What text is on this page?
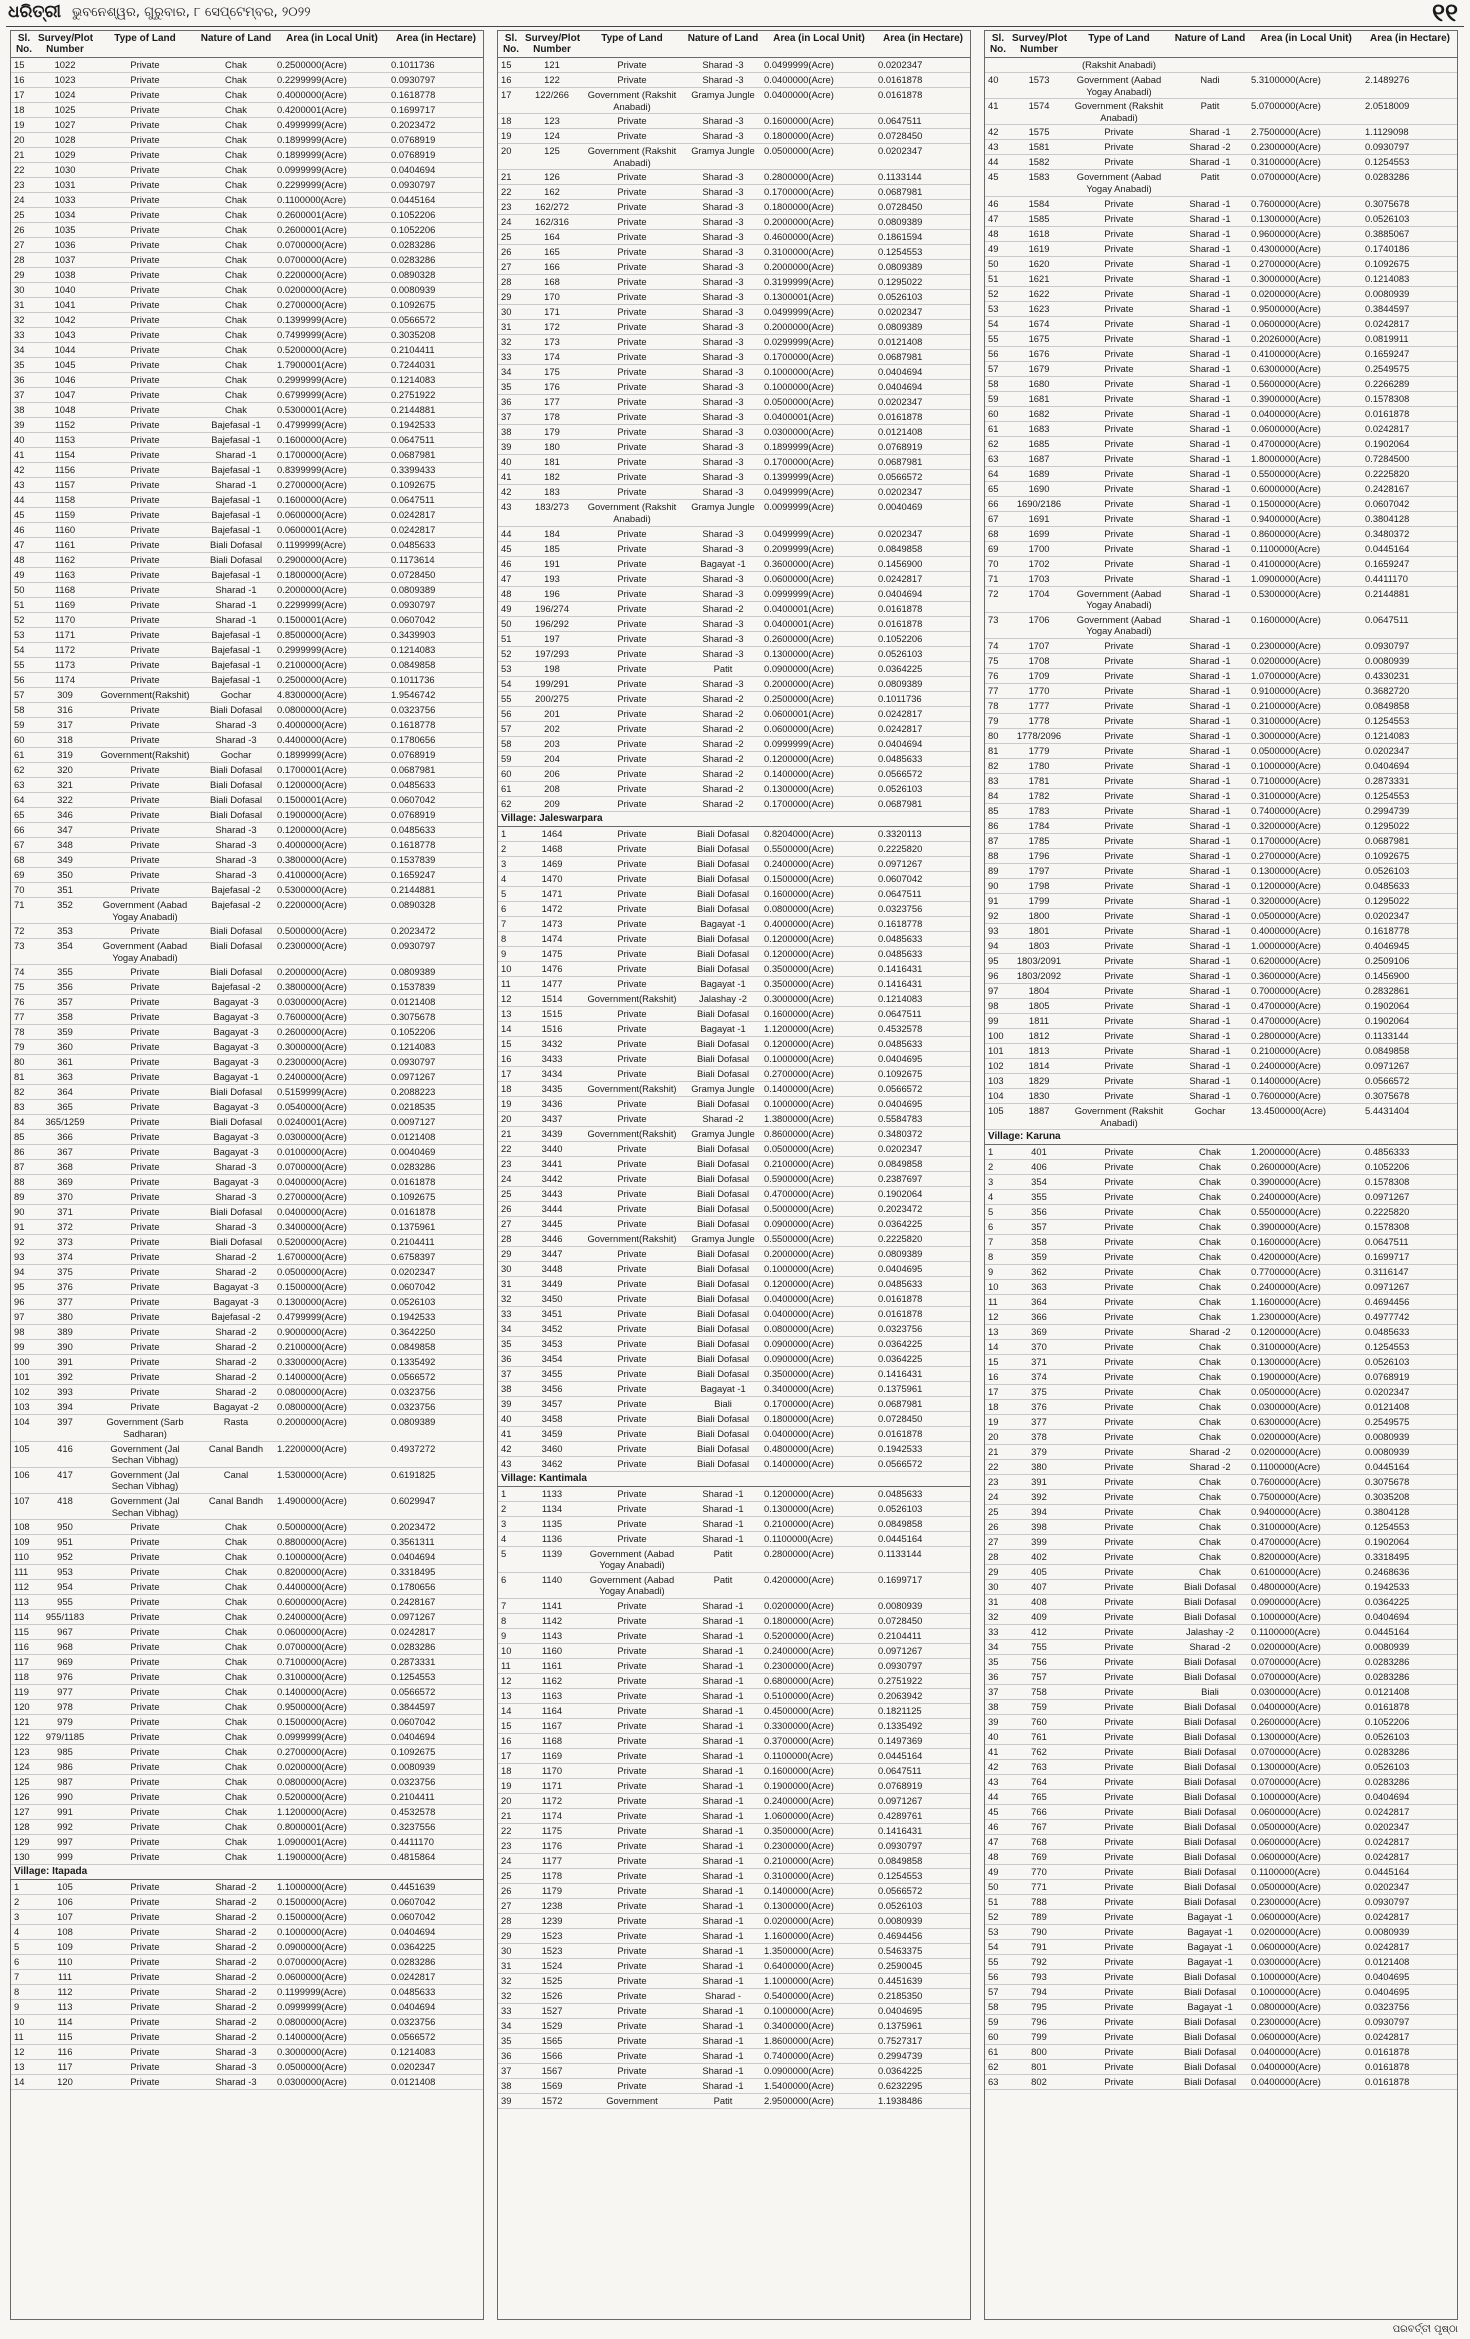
ଧରିତ୍ରୀ ଭୁବନେଶ୍ୱର, ଗୁରୁବାର, ୮ ସେପ୍ଟେମ୍ବର, ୨୦୨୨	୧୧
Sl. No.	Survey/Plot Number	Type of Land	Nature of Land	Area (in Local Unit)	Area (in Hectare)
15	1022	Private	Chak	0.2500000(Acre)	0.1011736
16	1023	Private	Chak	0.2299999(Acre)	0.0930797
17	1024	Private	Chak	0.4000000(Acre)	0.1618778
18	1025	Private	Chak	0.4200001(Acre)	0.1699717
19	1027	Private	Chak	0.4999999(Acre)	0.2023472
20	1028	Private	Chak	0.1899999(Acre)	0.0768919
21	1029	Private	Chak	0.1899999(Acre)	0.0768919
22	1030	Private	Chak	0.0999999(Acre)	0.0404694
23	1031	Private	Chak	0.2299999(Acre)	0.0930797
24	1033	Private	Chak	0.1100000(Acre)	0.0445164
25	1034	Private	Chak	0.2600001(Acre)	0.1052206
26	1035	Private	Chak	0.2600001(Acre)	0.1052206
27	1036	Private	Chak	0.0700000(Acre)	0.0283286
28	1037	Private	Chak	0.0700000(Acre)	0.0283286
29	1038	Private	Chak	0.2200000(Acre)	0.0890328
30	1040	Private	Chak	0.0200000(Acre)	0.0080939
31	1041	Private	Chak	0.2700000(Acre)	0.1092675
32	1042	Private	Chak	0.1399999(Acre)	0.0566572
33	1043	Private	Chak	0.7499999(Acre)	0.3035208
34	1044	Private	Chak	0.5200000(Acre)	0.2104411
35	1045	Private	Chak	1.7900001(Acre)	0.7244031
36	1046	Private	Chak	0.2999999(Acre)	0.1214083
37	1047	Private	Chak	0.6799999(Acre)	0.2751922
38	1048	Private	Chak	0.5300001(Acre)	0.2144881
39	1152	Private	Bajefasal -1	0.4799999(Acre)	0.1942533
40	1153	Private	Bajefasal -1	0.1600000(Acre)	0.0647511
41	1154	Private	Sharad -1	0.1700000(Acre)	0.0687981
42	1156	Private	Bajefasal -1	0.8399999(Acre)	0.3399433
43	1157	Private	Sharad -1	0.2700000(Acre)	0.1092675
44	1158	Private	Bajefasal -1	0.1600000(Acre)	0.0647511
45	1159	Private	Bajefasal -1	0.0600000(Acre)	0.0242817
46	1160	Private	Bajefasal -1	0.0600001(Acre)	0.0242817
47	1161	Private	Biali Dofasal	0.1199999(Acre)	0.0485633
48	1162	Private	Biali Dofasal	0.2900000(Acre)	0.1173614
49	1163	Private	Bajefasal -1	0.1800000(Acre)	0.0728450
50	1168	Private	Sharad -1	0.2000000(Acre)	0.0809389
51	1169	Private	Sharad -1	0.2299999(Acre)	0.0930797
52	1170	Private	Sharad -1	0.1500001(Acre)	0.0607042
53	1171	Private	Bajefasal -1	0.8500000(Acre)	0.3439903
54	1172	Private	Bajefasal -1	0.2999999(Acre)	0.1214083
55	1173	Private	Bajefasal -1	0.2100000(Acre)	0.0849858
56	1174	Private	Bajefasal -1	0.2500000(Acre)	0.1011736
57	309	Government(Rakshit)	Gochar	4.8300000(Acre)	1.9546742
58	316	Private	Biali Dofasal	0.0800000(Acre)	0.0323756
59	317	Private	Sharad -3	0.4000000(Acre)	0.1618778
60	318	Private	Sharad -3	0.4400000(Acre)	0.1780656
61	319	Government(Rakshit)	Gochar	0.1899999(Acre)	0.0768919
62	320	Private	Biali Dofasal	0.1700001(Acre)	0.0687981
63	321	Private	Biali Dofasal	0.1200000(Acre)	0.0485633
64	322	Private	Biali Dofasal	0.1500001(Acre)	0.0607042
65	346	Private	Biali Dofasal	0.1900000(Acre)	0.0768919
66	347	Private	Sharad -3	0.1200000(Acre)	0.0485633
67	348	Private	Sharad -3	0.4000000(Acre)	0.1618778
68	349	Private	Sharad -3	0.3800000(Acre)	0.1537839
69	350	Private	Sharad -3	0.4100000(Acre)	0.1659247
70	351	Private	Bajefasal -2	0.5300000(Acre)	0.2144881
71	352	Government (Aabad Yogay Anabadi)	Bajefasal -2	0.2200000(Acre)	0.0890328
72	353	Private	Biali Dofasal	0.5000000(Acre)	0.2023472
73	354	Government (Aabad Yogay Anabadi)	Biali Dofasal	0.2300000(Acre)	0.0930797
74	355	Private	Biali Dofasal	0.2000000(Acre)	0.0809389
75	356	Private	Bajefasal -2	0.3800000(Acre)	0.1537839
76	357	Private	Bagayat -3	0.0300000(Acre)	0.0121408
77	358	Private	Bagayat -3	0.7600000(Acre)	0.3075678
78	359	Private	Bagayat -3	0.2600000(Acre)	0.1052206
79	360	Private	Bagayat -3	0.3000000(Acre)	0.1214083
80	361	Private	Bagayat -3	0.2300000(Acre)	0.0930797
81	363	Private	Bagayat -1	0.2400000(Acre)	0.0971267
82	364	Private	Biali Dofasal	0.5159999(Acre)	0.2088223
83	365	Private	Bagayat -3	0.0540000(Acre)	0.0218535
84	365/1259	Private	Biali Dofasal	0.0240001(Acre)	0.0097127
85	366	Private	Bagayat -3	0.0300000(Acre)	0.0121408
86	367	Private	Bagayat -3	0.0100000(Acre)	0.0040469
87	368	Private	Sharad -3	0.0700000(Acre)	0.0283286
88	369	Private	Bagayat -3	0.0400000(Acre)	0.0161878
89	370	Private	Sharad -3	0.2700000(Acre)	0.1092675
90	371	Private	Biali Dofasal	0.0400000(Acre)	0.0161878
91	372	Private	Sharad -3	0.3400000(Acre)	0.1375961
92	373	Private	Biali Dofasal	0.5200000(Acre)	0.2104411
93	374	Private	Sharad -2	1.6700000(Acre)	0.6758397
94	375	Private	Sharad -2	0.0500000(Acre)	0.0202347
95	376	Private	Bagayat -3	0.1500000(Acre)	0.0607042
96	377	Private	Bagayat -3	0.1300000(Acre)	0.0526103
97	380	Private	Bajefasal -2	0.4799999(Acre)	0.1942533
98	389	Private	Sharad -2	0.9000000(Acre)	0.3642250
99	390	Private	Sharad -2	0.2100000(Acre)	0.0849858
100	391	Private	Sharad -2	0.3300000(Acre)	0.1335492
101	392	Private	Sharad -2	0.1400000(Acre)	0.0566572
102	393	Private	Sharad -2	0.0800000(Acre)	0.0323756
103	394	Private	Bagayat -2	0.0800000(Acre)	0.0323756
104	397	Government (Sarb Sadharan)	Rasta	0.2000000(Acre)	0.0809389
105	416	Government (Jal Sechan Vibhag)	Canal Bandh	1.2200000(Acre)	0.4937272
106	417	Government (Jal Sechan Vibhag)	Canal	1.5300000(Acre)	0.6191825
107	418	Government (Jal Sechan Vibhag)	Canal Bandh	1.4900000(Acre)	0.6029947
108	950	Private	Chak	0.5000000(Acre)	0.2023472
109	951	Private	Chak	0.8800000(Acre)	0.3561311
110	952	Private	Chak	0.1000000(Acre)	0.0404694
111	953	Private	Chak	0.8200000(Acre)	0.3318495
112	954	Private	Chak	0.4400000(Acre)	0.1780656
113	955	Private	Chak	0.6000000(Acre)	0.2428167
114	955/1183	Private	Chak	0.2400000(Acre)	0.0971267
115	967	Private	Chak	0.0600000(Acre)	0.0242817
116	968	Private	Chak	0.0700000(Acre)	0.0283286
117	969	Private	Chak	0.7100000(Acre)	0.2873331
118	976	Private	Chak	0.3100000(Acre)	0.1254553
119	977	Private	Chak	0.1400000(Acre)	0.0566572
120	978	Private	Chak	0.9500000(Acre)	0.3844597
121	979	Private	Chak	0.1500000(Acre)	0.0607042
122	979/1185	Private	Chak	0.0999999(Acre)	0.0404694
123	985	Private	Chak	0.2700000(Acre)	0.1092675
124	986	Private	Chak	0.0200000(Acre)	0.0080939
125	987	Private	Chak	0.0800000(Acre)	0.0323756
126	990	Private	Chak	0.5200000(Acre)	0.2104411
127	991	Private	Chak	1.1200000(Acre)	0.4532578
128	992	Private	Chak	0.8000001(Acre)	0.3237556
129	997	Private	Chak	1.0900001(Acre)	0.4411170
130	999	Private	Chak	1.1900000(Acre)	0.4815864
Village: Itapada					
1	105	Private	Sharad -2	1.1000000(Acre)	0.4451639
2	106	Private	Sharad -2	0.1500000(Acre)	0.0607042
3	107	Private	Sharad -2	0.1500000(Acre)	0.0607042
4	108	Private	Sharad -2	0.1000000(Acre)	0.0404694
5	109	Private	Sharad -2	0.0900000(Acre)	0.0364225
6	110	Private	Sharad -2	0.0700000(Acre)	0.0283286
7	111	Private	Sharad -2	0.0600000(Acre)	0.0242817
8	112	Private	Sharad -2	0.1199999(Acre)	0.0485633
9	113	Private	Sharad -2	0.0999999(Acre)	0.0404694
10	114	Private	Sharad -2	0.0800000(Acre)	0.0323756
11	115	Private	Sharad -2	0.1400000(Acre)	0.0566572
12	116	Private	Sharad -3	0.3000000(Acre)	0.1214083
13	117	Private	Sharad -3	0.0500000(Acre)	0.0202347
14	120	Private	Sharad -3	0.0300000(Acre)	0.0121408
Sl. No.	Survey/Plot Number	Type of Land	Nature of Land	Area (in Local Unit)	Area (in Hectare)
15	121	Private	Sharad -3	0.0499999(Acre)	0.0202347
16	122	Private	Sharad -3	0.0400000(Acre)	0.0161878
17	122/266	Government (Rakshit Anabadi)	Gramya Jungle	0.0400000(Acre)	0.0161878
18	123	Private	Sharad -3	0.1600000(Acre)	0.0647511
19	124	Private	Sharad -3	0.1800000(Acre)	0.0728450
20	125	Government (Rakshit Anabadi)	Gramya Jungle	0.0500000(Acre)	0.0202347
21	126	Private	Sharad -3	0.2800000(Acre)	0.1133144
22	162	Private	Sharad -3	0.1700000(Acre)	0.0687981
23	162/272	Private	Sharad -3	0.1800000(Acre)	0.0728450
24	162/316	Private	Sharad -3	0.2000000(Acre)	0.0809389
25	164	Private	Sharad -3	0.4600000(Acre)	0.1861594
26	165	Private	Sharad -3	0.3100000(Acre)	0.1254553
27	166	Private	Sharad -3	0.2000000(Acre)	0.0809389
28	168	Private	Sharad -3	0.3199999(Acre)	0.1295022
29	170	Private	Sharad -3	0.1300001(Acre)	0.0526103
30	171	Private	Sharad -3	0.0499999(Acre)	0.0202347
31	172	Private	Sharad -3	0.2000000(Acre)	0.0809389
32	173	Private	Sharad -3	0.0299999(Acre)	0.0121408
33	174	Private	Sharad -3	0.1700000(Acre)	0.0687981
34	175	Private	Sharad -3	0.1000000(Acre)	0.0404694
35	176	Private	Sharad -3	0.1000000(Acre)	0.0404694
36	177	Private	Sharad -3	0.0500000(Acre)	0.0202347
37	178	Private	Sharad -3	0.0400001(Acre)	0.0161878
38	179	Private	Sharad -3	0.0300000(Acre)	0.0121408
39	180	Private	Sharad -3	0.1899999(Acre)	0.0768919
40	181	Private	Sharad -3	0.1700000(Acre)	0.0687981
41	182	Private	Sharad -3	0.1399999(Acre)	0.0566572
42	183	Private	Sharad -3	0.0499999(Acre)	0.0202347
43	183/273	Government (Rakshit Anabadi)	Gramya Jungle	0.0099999(Acre)	0.0040469
44	184	Private	Sharad -3	0.0499999(Acre)	0.0202347
45	185	Private	Sharad -3	0.2099999(Acre)	0.0849858
46	191	Private	Bagayat -1	0.3600000(Acre)	0.1456900
47	193	Private	Sharad -3	0.0600000(Acre)	0.0242817
48	196	Private	Sharad -3	0.0999999(Acre)	0.0404694
49	196/274	Private	Sharad -2	0.0400001(Acre)	0.0161878
50	196/292	Private	Sharad -3	0.0400001(Acre)	0.0161878
51	197	Private	Sharad -3	0.2600000(Acre)	0.1052206
52	197/293	Private	Sharad -3	0.1300000(Acre)	0.0526103
53	198	Private	Patit	0.0900000(Acre)	0.0364225
54	199/291	Private	Sharad -3	0.2000000(Acre)	0.0809389
55	200/275	Private	Sharad -2	0.2500000(Acre)	0.1011736
56	201	Private	Sharad -2	0.0600001(Acre)	0.0242817
57	202	Private	Sharad -2	0.0600000(Acre)	0.0242817
58	203	Private	Sharad -2	0.0999999(Acre)	0.0404694
59	204	Private	Sharad -2	0.1200000(Acre)	0.0485633
60	206	Private	Sharad -2	0.1400000(Acre)	0.0566572
61	208	Private	Sharad -2	0.1300000(Acre)	0.0526103
62	209	Private	Sharad -2	0.1700000(Acre)	0.0687981
Village: Jaleswarpara					
1	1464	Private	Biali Dofasal	0.8204000(Acre)	0.3320113
2	1468	Private	Biali Dofasal	0.5500000(Acre)	0.2225820
3	1469	Private	Biali Dofasal	0.2400000(Acre)	0.0971267
4	1470	Private	Biali Dofasal	0.1500000(Acre)	0.0607042
5	1471	Private	Biali Dofasal	0.1600000(Acre)	0.0647511
6	1472	Private	Biali Dofasal	0.0800000(Acre)	0.0323756
7	1473	Private	Bagayat -1	0.4000000(Acre)	0.1618778
8	1474	Private	Biali Dofasal	0.1200000(Acre)	0.0485633
9	1475	Private	Biali Dofasal	0.1200000(Acre)	0.0485633
10	1476	Private	Biali Dofasal	0.3500000(Acre)	0.1416431
11	1477	Private	Bagayat -1	0.3500000(Acre)	0.1416431
12	1514	Government(Rakshit)	Jalashay -2	0.3000000(Acre)	0.1214083
13	1515	Private	Biali Dofasal	0.1600000(Acre)	0.0647511
14	1516	Private	Bagayat -1	1.1200000(Acre)	0.4532578
15	3432	Private	Biali Dofasal	0.1200000(Acre)	0.0485633
16	3433	Private	Biali Dofasal	0.1000000(Acre)	0.0404695
17	3434	Private	Biali Dofasal	0.2700000(Acre)	0.1092675
18	3435	Government(Rakshit)	Gramya Jungle	0.1400000(Acre)	0.0566572
19	3436	Private	Biali Dofasal	0.1000000(Acre)	0.0404695
20	3437	Private	Sharad -2	1.3800000(Acre)	0.5584783
21	3439	Government(Rakshit)	Gramya Jungle	0.8600000(Acre)	0.3480372
22	3440	Private	Biali Dofasal	0.0500000(Acre)	0.0202347
23	3441	Private	Biali Dofasal	0.2100000(Acre)	0.0849858
24	3442	Private	Biali Dofasal	0.5900000(Acre)	0.2387697
25	3443	Private	Biali Dofasal	0.4700000(Acre)	0.1902064
26	3444	Private	Biali Dofasal	0.5000000(Acre)	0.2023472
27	3445	Private	Biali Dofasal	0.0900000(Acre)	0.0364225
28	3446	Government(Rakshit)	Gramya Jungle	0.5500000(Acre)	0.2225820
29	3447	Private	Biali Dofasal	0.2000000(Acre)	0.0809389
30	3448	Private	Biali Dofasal	0.1000000(Acre)	0.0404695
31	3449	Private	Biali Dofasal	0.1200000(Acre)	0.0485633
32	3450	Private	Biali Dofasal	0.0400000(Acre)	0.0161878
33	3451	Private	Biali Dofasal	0.0400000(Acre)	0.0161878
34	3452	Private	Biali Dofasal	0.0800000(Acre)	0.0323756
35	3453	Private	Biali Dofasal	0.0900000(Acre)	0.0364225
36	3454	Private	Biali Dofasal	0.0900000(Acre)	0.0364225
37	3455	Private	Biali Dofasal	0.3500000(Acre)	0.1416431
38	3456	Private	Bagayat -1	0.3400000(Acre)	0.1375961
39	3457	Private	Biali	0.1700000(Acre)	0.0687981
40	3458	Private	Biali Dofasal	0.1800000(Acre)	0.0728450
41	3459	Private	Biali Dofasal	0.0400000(Acre)	0.0161878
42	3460	Private	Biali Dofasal	0.4800000(Acre)	0.1942533
43	3462	Private	Biali Dofasal	0.1400000(Acre)	0.0566572
Village: Kantimala					
1	1133	Private	Sharad -1	0.1200000(Acre)	0.0485633
2	1134	Private	Sharad -1	0.1300000(Acre)	0.0526103
3	1135	Private	Sharad -1	0.2100000(Acre)	0.0849858
4	1136	Private	Sharad -1	0.1100000(Acre)	0.0445164
5	1139	Government (Aabad Yogay Anabadi)	Patit	0.2800000(Acre)	0.1133144
6	1140	Government (Aabad Yogay Anabadi)	Patit	0.4200000(Acre)	0.1699717
7	1141	Private	Sharad -1	0.0200000(Acre)	0.0080939
8	1142	Private	Sharad -1	0.1800000(Acre)	0.0728450
9	1143	Private	Sharad -1	0.5200000(Acre)	0.2104411
10	1160	Private	Sharad -1	0.2400000(Acre)	0.0971267
11	1161	Private	Sharad -1	0.2300000(Acre)	0.0930797
12	1162	Private	Sharad -1	0.6800000(Acre)	0.2751922
13	1163	Private	Sharad -1	0.5100000(Acre)	0.2063942
14	1164	Private	Sharad -1	0.4500000(Acre)	0.1821125
15	1167	Private	Sharad -1	0.3300000(Acre)	0.1335492
16	1168	Private	Sharad -1	0.3700000(Acre)	0.1497369
17	1169	Private	Sharad -1	0.1100000(Acre)	0.0445164
18	1170	Private	Sharad -1	0.1600000(Acre)	0.0647511
19	1171	Private	Sharad -1	0.1900000(Acre)	0.0768919
20	1172	Private	Sharad -1	0.2400000(Acre)	0.0971267
21	1174	Private	Sharad -1	1.0600000(Acre)	0.4289761
22	1175	Private	Sharad -1	0.3500000(Acre)	0.1416431
23	1176	Private	Sharad -1	0.2300000(Acre)	0.0930797
24	1177	Private	Sharad -1	0.2100000(Acre)	0.0849858
25	1178	Private	Sharad -1	0.3100000(Acre)	0.1254553
26	1179	Private	Sharad -1	0.1400000(Acre)	0.0566572
27	1238	Private	Sharad -1	0.1300000(Acre)	0.0526103
28	1239	Private	Sharad -1	0.0200000(Acre)	0.0080939
29	1523	Private	Sharad -1	1.1600000(Acre)	0.4694456
30	1523	Private	Sharad -1	1.3500000(Acre)	0.5463375
31	1524	Private	Sharad -1	0.6400000(Acre)	0.2590045
32	1525	Private	Sharad -1	1.1000000(Acre)	0.4451639
32	1526	Private	Sharad -	0.5400000(Acre)	0.2185350
33	1527	Private	Sharad -1	0.1000000(Acre)	0.0404695
34	1529	Private	Sharad -1	0.3400000(Acre)	0.1375961
35	1565	Private	Sharad -1	1.8600000(Acre)	0.7527317
36	1566	Private	Sharad -1	0.7400000(Acre)	0.2994739
37	1567	Private	Sharad -1	0.0900000(Acre)	0.0364225
38	1569	Private	Sharad -1	1.5400000(Acre)	0.6232295
39	1572	Government	Patit	2.9500000(Acre)	1.1938486
Sl. No.	Survey/Plot Number	Type of Land	Nature of Land	Area (in Local Unit)	Area (in Hectare)
		(Rakshit Anabadi)			
40	1573	Government (Aabad Yogay Anabadi)	Nadi	5.3100000(Acre)	2.1489276
41	1574	Government (Rakshit Anabadi)	Patit	5.0700000(Acre)	2.0518009
42	1575	Private	Sharad -1	2.7500000(Acre)	1.1129098
43	1581	Private	Sharad -2	0.2300000(Acre)	0.0930797
44	1582	Private	Sharad -1	0.3100000(Acre)	0.1254553
45	1583	Government (Aabad Yogay Anabadi)	Patit	0.0700000(Acre)	0.0283286
46	1584	Private	Sharad -1	0.7600000(Acre)	0.3075678
47	1585	Private	Sharad -1	0.1300000(Acre)	0.0526103
48	1618	Private	Sharad -1	0.9600000(Acre)	0.3885067
49	1619	Private	Sharad -1	0.4300000(Acre)	0.1740186
50	1620	Private	Sharad -1	0.2700000(Acre)	0.1092675
51	1621	Private	Sharad -1	0.3000000(Acre)	0.1214083
52	1622	Private	Sharad -1	0.0200000(Acre)	0.0080939
53	1623	Private	Sharad -1	0.9500000(Acre)	0.3844597
54	1674	Private	Sharad -1	0.0600000(Acre)	0.0242817
55	1675	Private	Sharad -1	0.2026000(Acre)	0.0819911
56	1676	Private	Sharad -1	0.4100000(Acre)	0.1659247
57	1679	Private	Sharad -1	0.6300000(Acre)	0.2549575
58	1680	Private	Sharad -1	0.5600000(Acre)	0.2266289
59	1681	Private	Sharad -1	0.3900000(Acre)	0.1578308
60	1682	Private	Sharad -1	0.0400000(Acre)	0.0161878
61	1683	Private	Sharad -1	0.0600000(Acre)	0.0242817
62	1685	Private	Sharad -1	0.4700000(Acre)	0.1902064
63	1687	Private	Sharad -1	1.8000000(Acre)	0.7284500
64	1689	Private	Sharad -1	0.5500000(Acre)	0.2225820
65	1690	Private	Sharad -1	0.6000000(Acre)	0.2428167
66	1690/2186	Private	Sharad -1	0.1500000(Acre)	0.0607042
67	1691	Private	Sharad -1	0.9400000(Acre)	0.3804128
68	1699	Private	Sharad -1	0.8600000(Acre)	0.3480372
69	1700	Private	Sharad -1	0.1100000(Acre)	0.0445164
70	1702	Private	Sharad -1	0.4100000(Acre)	0.1659247
71	1703	Private	Sharad -1	1.0900000(Acre)	0.4411170
72	1704	Government (Aabad Yogay Anabadi)	Sharad -1	0.5300000(Acre)	0.2144881
73	1706	Government (Aabad Yogay Anabadi)	Sharad -1	0.1600000(Acre)	0.0647511
74	1707	Private	Sharad -1	0.2300000(Acre)	0.0930797
75	1708	Private	Sharad -1	0.0200000(Acre)	0.0080939
76	1709	Private	Sharad -1	1.0700000(Acre)	0.4330231
77	1770	Private	Sharad -1	0.9100000(Acre)	0.3682720
78	1777	Private	Sharad -1	0.2100000(Acre)	0.0849858
79	1778	Private	Sharad -1	0.3100000(Acre)	0.1254553
80	1778/2096	Private	Sharad -1	0.3000000(Acre)	0.1214083
81	1779	Private	Sharad -1	0.0500000(Acre)	0.0202347
82	1780	Private	Sharad -1	0.1000000(Acre)	0.0404694
83	1781	Private	Sharad -1	0.7100000(Acre)	0.2873331
84	1782	Private	Sharad -1	0.3100000(Acre)	0.1254553
85	1783	Private	Sharad -1	0.7400000(Acre)	0.2994739
86	1784	Private	Sharad -1	0.3200000(Acre)	0.1295022
87	1785	Private	Sharad -1	0.1700000(Acre)	0.0687981
88	1796	Private	Sharad -1	0.2700000(Acre)	0.1092675
89	1797	Private	Sharad -1	0.1300000(Acre)	0.0526103
90	1798	Private	Sharad -1	0.1200000(Acre)	0.0485633
91	1799	Private	Sharad -1	0.3200000(Acre)	0.1295022
92	1800	Private	Sharad -1	0.0500000(Acre)	0.0202347
93	1801	Private	Sharad -1	0.4000000(Acre)	0.1618778
94	1803	Private	Sharad -1	1.0000000(Acre)	0.4046945
95	1803/2091	Private	Sharad -1	0.6200000(Acre)	0.2509106
96	1803/2092	Private	Sharad -1	0.3600000(Acre)	0.1456900
97	1804	Private	Sharad -1	0.7000000(Acre)	0.2832861
98	1805	Private	Sharad -1	0.4700000(Acre)	0.1902064
99	1811	Private	Sharad -1	0.4700000(Acre)	0.1902064
100	1812	Private	Sharad -1	0.2800000(Acre)	0.1133144
101	1813	Private	Sharad -1	0.2100000(Acre)	0.0849858
102	1814	Private	Sharad -1	0.2400000(Acre)	0.0971267
103	1829	Private	Sharad -1	0.1400000(Acre)	0.0566572
104	1830	Private	Sharad -1	0.7600000(Acre)	0.3075678
105	1887	Government (Rakshit Anabadi)	Gochar	13.4500000(Acre)	5.4431404
Village: Karuna					
1	401	Private	Chak	1.2000000(Acre)	0.4856333
2	406	Private	Chak	0.2600000(Acre)	0.1052206
3	354	Private	Chak	0.3900000(Acre)	0.1578308
4	355	Private	Chak	0.2400000(Acre)	0.0971267
5	356	Private	Chak	0.5500000(Acre)	0.2225820
6	357	Private	Chak	0.3900000(Acre)	0.1578308
7	358	Private	Chak	0.1600000(Acre)	0.0647511
8	359	Private	Chak	0.4200000(Acre)	0.1699717
9	362	Private	Chak	0.7700000(Acre)	0.3116147
10	363	Private	Chak	0.2400000(Acre)	0.0971267
11	364	Private	Chak	1.1600000(Acre)	0.4694456
12	366	Private	Chak	1.2300000(Acre)	0.4977742
13	369	Private	Sharad -2	0.1200000(Acre)	0.0485633
14	370	Private	Chak	0.3100000(Acre)	0.1254553
15	371	Private	Chak	0.1300000(Acre)	0.0526103
16	374	Private	Chak	0.1900000(Acre)	0.0768919
17	375	Private	Chak	0.0500000(Acre)	0.0202347
18	376	Private	Chak	0.0300000(Acre)	0.0121408
19	377	Private	Chak	0.6300000(Acre)	0.2549575
20	378	Private	Chak	0.0200000(Acre)	0.0080939
21	379	Private	Sharad -2	0.0200000(Acre)	0.0080939
22	380	Private	Sharad -2	0.1100000(Acre)	0.0445164
23	391	Private	Chak	0.7600000(Acre)	0.3075678
24	392	Private	Chak	0.7500000(Acre)	0.3035208
25	394	Private	Chak	0.9400000(Acre)	0.3804128
26	398	Private	Chak	0.3100000(Acre)	0.1254553
27	399	Private	Chak	0.4700000(Acre)	0.1902064
28	402	Private	Chak	0.8200000(Acre)	0.3318495
29	405	Private	Chak	0.6100000(Acre)	0.2468636
30	407	Private	Biali Dofasal	0.4800000(Acre)	0.1942533
31	408	Private	Biali Dofasal	0.0900000(Acre)	0.0364225
32	409	Private	Biali Dofasal	0.1000000(Acre)	0.0404694
33	412	Private	Jalashay -2	0.1100000(Acre)	0.0445164
34	755	Private	Sharad -2	0.0200000(Acre)	0.0080939
35	756	Private	Biali Dofasal	0.0700000(Acre)	0.0283286
36	757	Private	Biali Dofasal	0.0700000(Acre)	0.0283286
37	758	Private	Biali	0.0300000(Acre)	0.0121408
38	759	Private	Biali Dofasal	0.0400000(Acre)	0.0161878
39	760	Private	Biali Dofasal	0.2600000(Acre)	0.1052206
40	761	Private	Biali Dofasal	0.1300000(Acre)	0.0526103
41	762	Private	Biali Dofasal	0.0700000(Acre)	0.0283286
42	763	Private	Biali Dofasal	0.1300000(Acre)	0.0526103
43	764	Private	Biali Dofasal	0.0700000(Acre)	0.0283286
44	765	Private	Biali Dofasal	0.1000000(Acre)	0.0404694
45	766	Private	Biali Dofasal	0.0600000(Acre)	0.0242817
46	767	Private	Biali Dofasal	0.0500000(Acre)	0.0202347
47	768	Private	Biali Dofasal	0.0600000(Acre)	0.0242817
48	769	Private	Biali Dofasal	0.0600000(Acre)	0.0242817
49	770	Private	Biali Dofasal	0.1100000(Acre)	0.0445164
50	771	Private	Biali Dofasal	0.0500000(Acre)	0.0202347
51	788	Private	Biali Dofasal	0.2300000(Acre)	0.0930797
52	789	Private	Bagayat -1	0.0600000(Acre)	0.0242817
53	790	Private	Bagayat -1	0.0200000(Acre)	0.0080939
54	791	Private	Bagayat -1	0.0600000(Acre)	0.0242817
55	792	Private	Bagayat -1	0.0300000(Acre)	0.0121408
56	793	Private	Biali Dofasal	0.1000000(Acre)	0.0404695
57	794	Private	Biali Dofasal	0.1000000(Acre)	0.0404695
58	795	Private	Bagayat -1	0.0800000(Acre)	0.0323756
59	796	Private	Biali Dofasal	0.2300000(Acre)	0.0930797
60	799	Private	Biali Dofasal	0.0600000(Acre)	0.0242817
61	800	Private	Biali Dofasal	0.0400000(Acre)	0.0161878
62	801	Private	Biali Dofasal	0.0400000(Acre)	0.0161878
63	802	Private	Biali Dofasal	0.0400000(Acre)	0.0161878
ପରବର୍ତ୍ତୀ ପୃଷ୍ଠା
